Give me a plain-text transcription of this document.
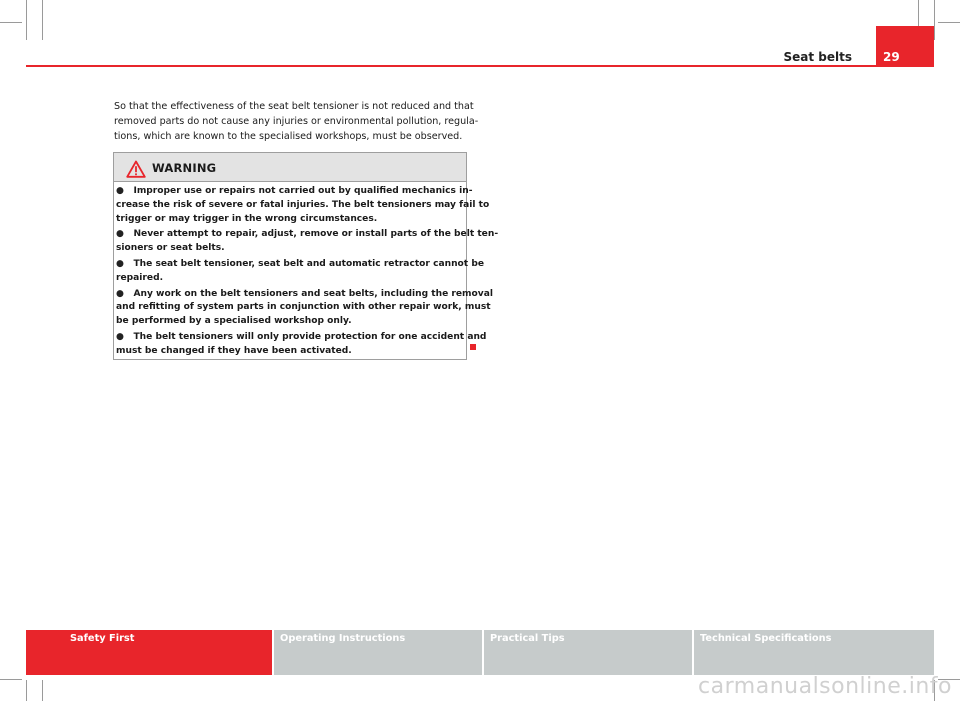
Seat belts	29

So that the effectiveness of the seat belt tensioner is not reduced and that
removed parts do not cause any injuries or environmental pollution, regula-
tions, which are known to the specialised workshops, must be observed.

WARNING
● Improper use or repairs not carried out by qualified mechanics in-
crease the risk of severe or fatal injuries. The belt tensioners may fail to
trigger or may trigger in the wrong circumstances.
● Never attempt to repair, adjust, remove or install parts of the belt ten-
sioners or seat belts.
● The seat belt tensioner, seat belt and automatic retractor cannot be
repaired.
● Any work on the belt tensioners and seat belts, including the removal
and refitting of system parts in conjunction with other repair work, must
be performed by a specialised workshop only.
● The belt tensioners will only provide protection for one accident and
must be changed if they have been activated.
Safety First	Operating Instructions	Practical Tips	Technical Specifications
carmanualsonline.info
